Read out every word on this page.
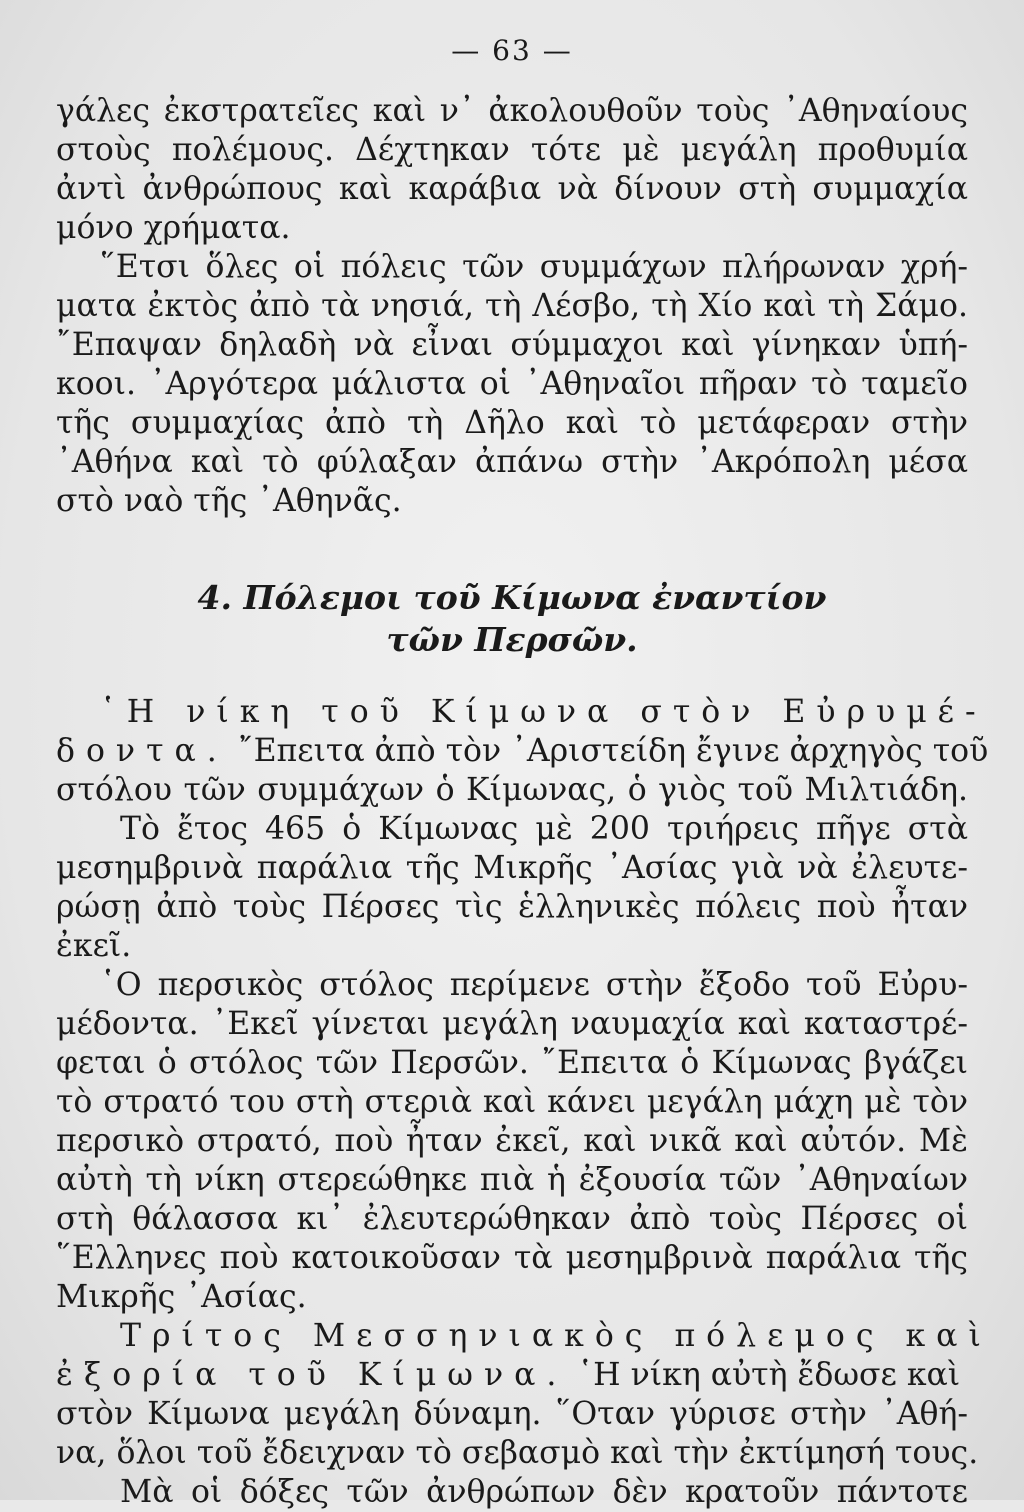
— 63 —
γάλες ἐκστρατεῖες καὶ ν᾿ ἀκολουθοῦν τοὺς ᾿Αθηναίους
στοὺς πολέμους. Δέχτηκαν τότε μὲ μεγάλη προθυμία
ἀντὶ ἀνθρώπους καὶ καράβια νὰ δίνουν στὴ συμμαχία
μόνο χρήματα.
῞Ετσι ὅλες οἱ πόλεις τῶν συμμάχων πλήρωναν χρή-
ματα ἐκτὸς ἀπὸ τὰ νησιά, τὴ Λέσβο, τὴ Χίο καὶ τὴ Σάμο.
῎Επαψαν δηλαδὴ νὰ εἶναι σύμμαχοι καὶ γίνηκαν ὑπή-
κοοι. ᾿Αργότερα μάλιστα οἱ ᾿Αθηναῖοι πῆραν τὸ ταμεῖο
τῆς συμμαχίας ἀπὸ τὴ Δῆλο καὶ τὸ μετάφεραν στὴν
᾿Αθήνα καὶ τὸ φύλαξαν ἀπάνω στὴν ᾿Ακρόπολη μέσα
στὸ ναὸ τῆς ᾿Αθηνᾶς.
4. Πόλεμοι τοῦ Κίμωνα ἐναντίον
τῶν Περσῶν.
῾Η νίκη τοῦ Κίμωνα στὸν Εὐρυμέ-
δοντα. ῎Επειτα ἀπὸ τὸν ᾿Αριστείδη ἔγινε ἀρχηγὸς τοῦ
στόλου τῶν συμμάχων ὁ Κίμωνας, ὁ γιὸς τοῦ Μιλτιάδη.
Τὸ ἔτος 465 ὁ Κίμωνας μὲ 200 τριήρεις πῆγε στὰ
μεσημβρινὰ παράλια τῆς Μικρῆς ᾿Ασίας γιὰ νὰ ἐλευτε-
ρώσῃ ἀπὸ τοὺς Πέρσες τὶς ἑλληνικὲς πόλεις ποὺ ἦταν
ἐκεῖ.
῾Ο περσικὸς στόλος περίμενε στὴν ἔξοδο τοῦ Εὐρυ-
μέδοντα. ᾿Εκεῖ γίνεται μεγάλη ναυμαχία καὶ καταστρέ-
φεται ὁ στόλος τῶν Περσῶν. ῎Επειτα ὁ Κίμωνας βγάζει
τὸ στρατό του στὴ στεριὰ καὶ κάνει μεγάλη μάχη μὲ τὸν
περσικὸ στρατό, ποὺ ἦταν ἐκεῖ, καὶ νικᾶ καὶ αὐτόν. Μὲ
αὐτὴ τὴ νίκη στερεώθηκε πιὰ ἡ ἐξουσία τῶν ᾿Αθηναίων
στὴ θάλασσα κι᾿ ἐλευτερώθηκαν ἀπὸ τοὺς Πέρσες οἱ
῞Ελληνες ποὺ κατοικοῦσαν τὰ μεσημβρινὰ παράλια τῆς
Μικρῆς ᾿Ασίας.
Τρίτος Μεσσηνιακὸς πόλεμος καὶ
ἐξορία τοῦ Κίμωνα. ῾Η νίκη αὐτὴ ἔδωσε καὶ
στὸν Κίμωνα μεγάλη δύναμη. ῞Οταν γύρισε στὴν ᾿Αθή-
να, ὅλοι τοῦ ἔδειχναν τὸ σεβασμὸ καὶ τὴν ἐκτίμησή τους.
Μὰ οἱ δόξες τῶν ἀνθρώπων δὲν κρατοῦν πάντοτε
